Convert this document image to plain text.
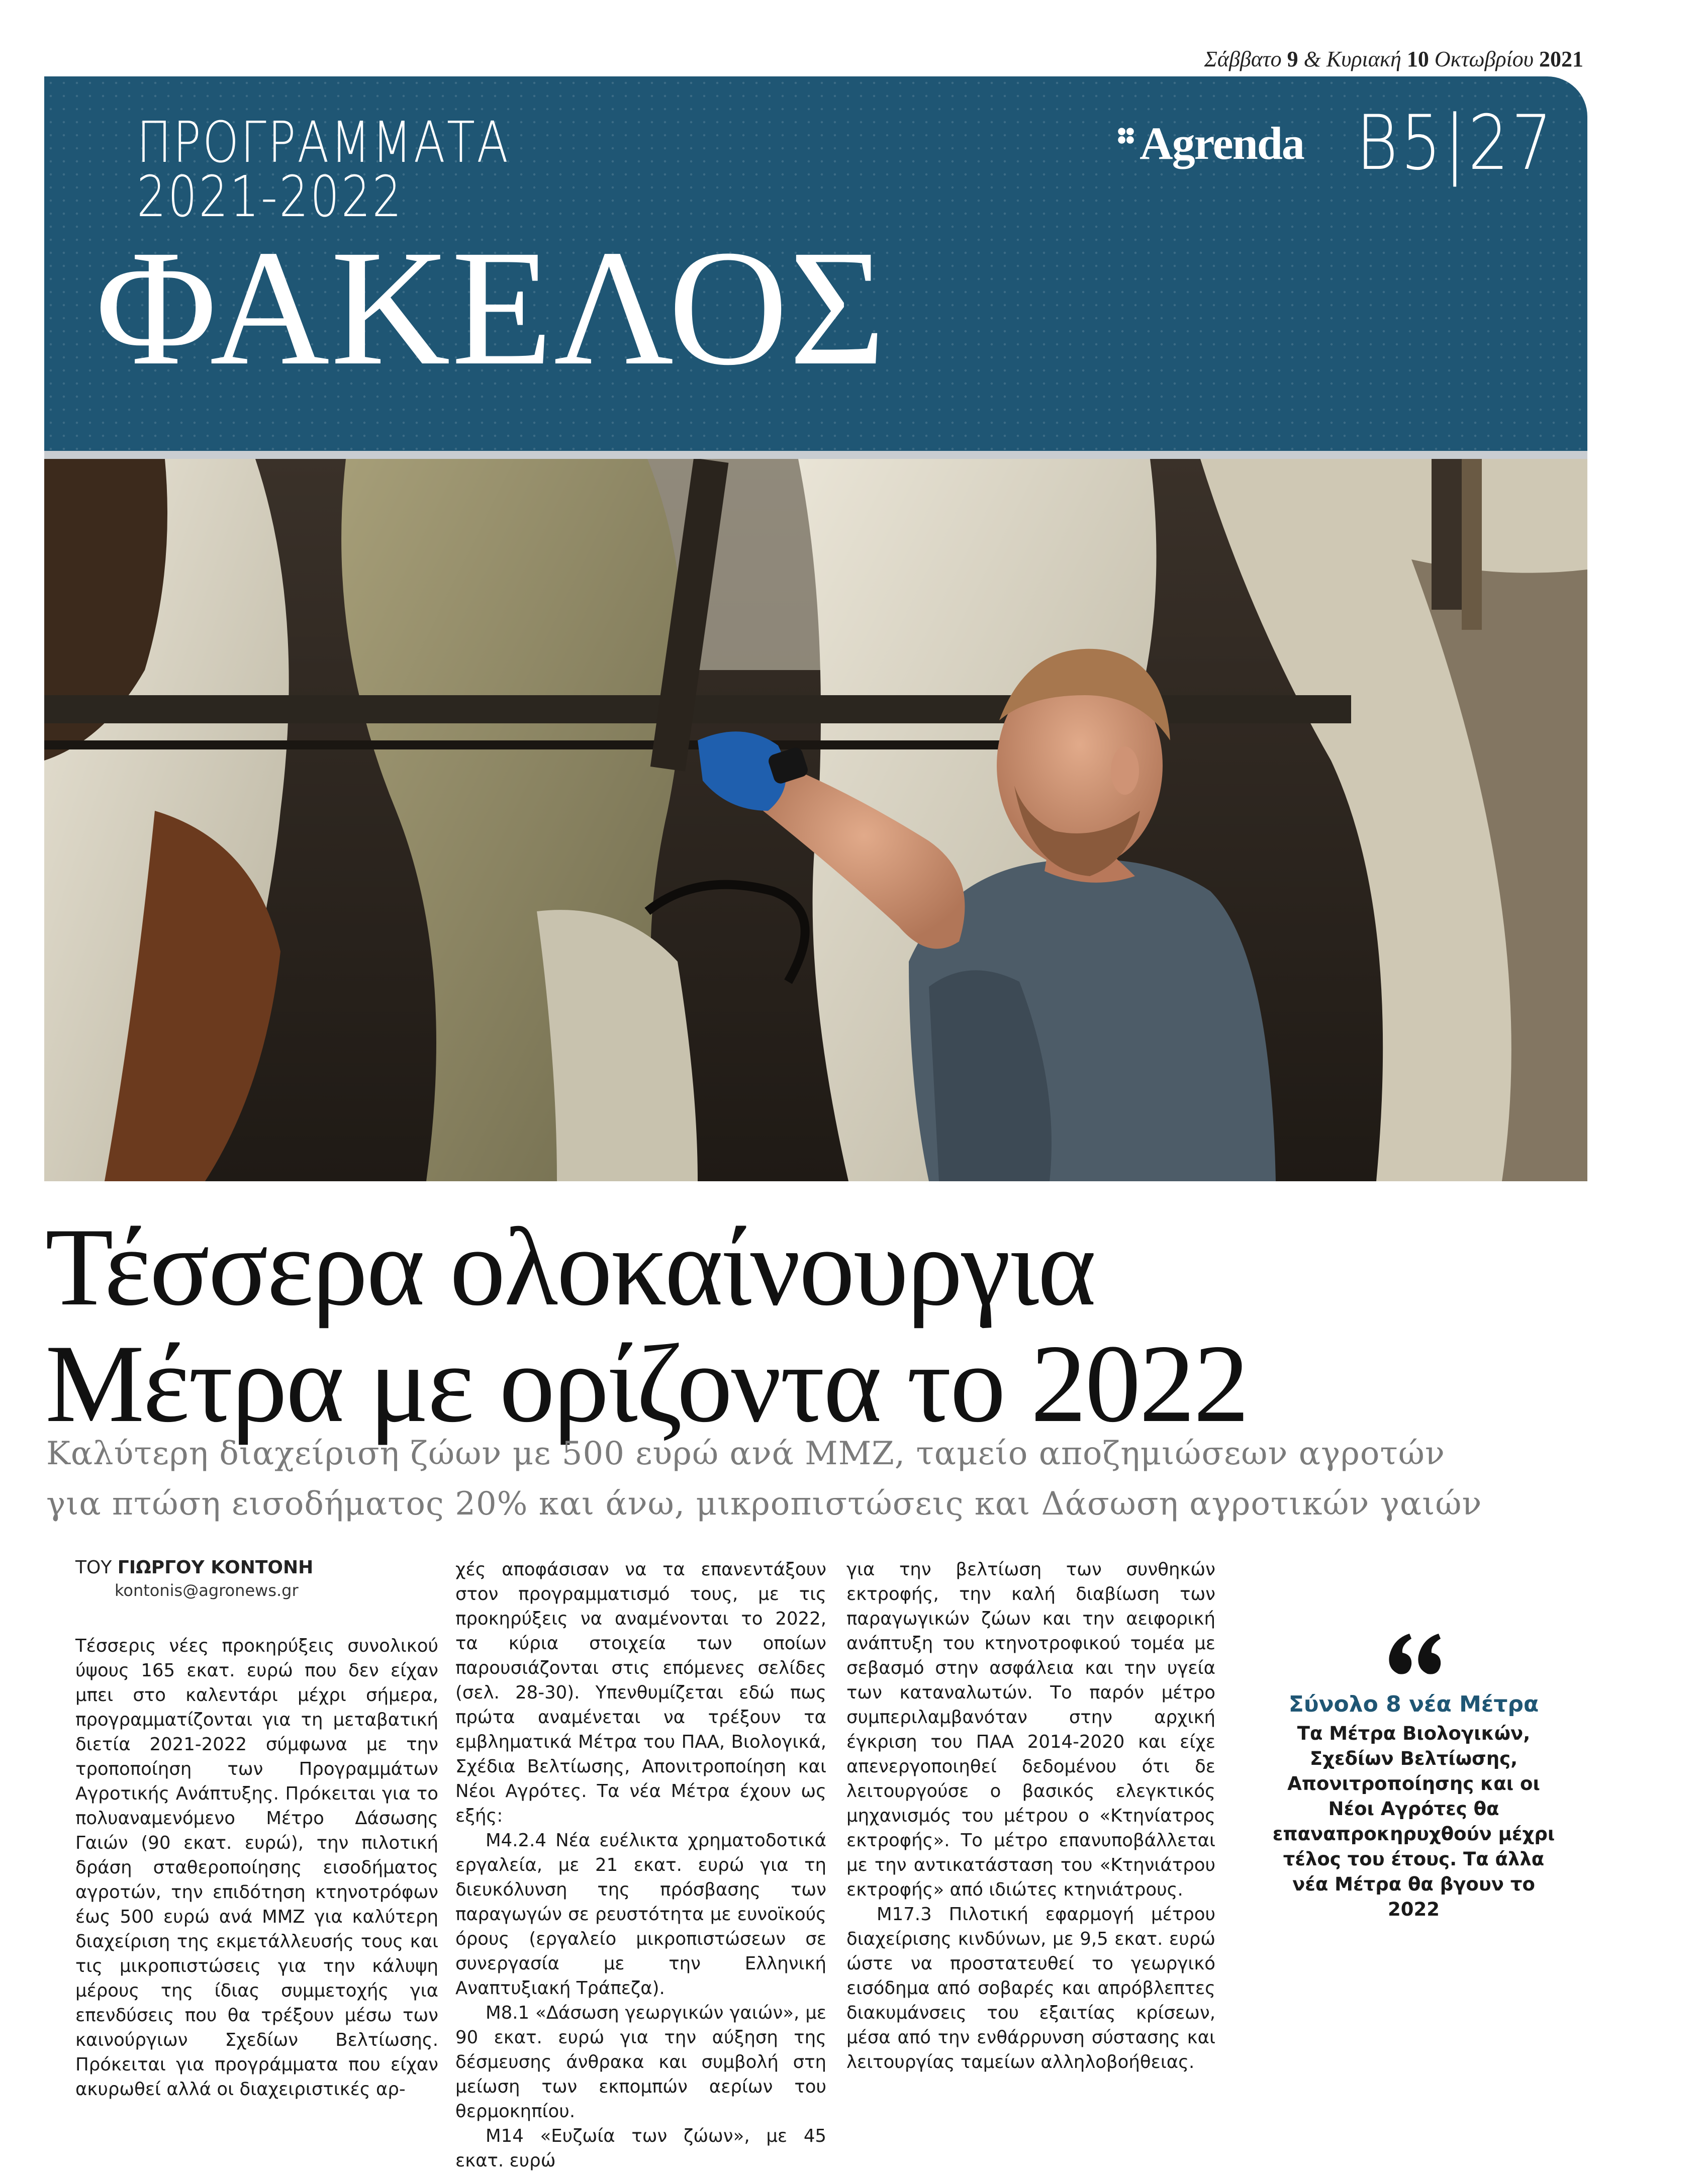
Σάββατο 9 & Κυριακή 10 Οκτωβρίου 2021
ΠΡΟΓΡΑΜΜΑΤΑ
2021-2022
ΦΑΚΕΛΟΣ
Agrenda B5|27
Τέσσερα ολοκαίνουργια
Μέτρα με ορίζοντα το 2022
Καλύτερη διαχείριση ζώων με 500 ευρώ ανά ΜΜΖ, ταμείο αποζημιώσεων αγροτών
για πτώση εισοδήματος 20% και άνω, μικροπιστώσεις και Δάσωση αγροτικών γαιών
ΤΟΥ ΓΙΩΡΓΟΥ ΚΟΝΤΟΝΗ
kontonis@agronews.gr

Τέσσερις νέες προκηρύξεις συνολικού ύψους 165 εκατ. ευρώ που δεν είχαν μπει στο καλεντάρι μέχρι σήμερα, προγραμματίζονται για τη μεταβατική διετία 2021-2022 σύμφωνα με την τροποποίηση των Προγραμμάτων Αγροτικής Ανάπτυξης. Πρόκειται για το πολυαναμενόμενο Μέτρο Δάσωσης Γαιών (90 εκατ. ευρώ), την πιλοτική δράση σταθεροποίησης εισοδήματος αγροτών, την επιδότηση κτηνοτρόφων έως 500 ευρώ ανά ΜΜΖ για καλύτερη διαχείριση της εκμετάλλευσής τους και τις μικροπιστώσεις για την κάλυψη μέρους της ίδιας συμμετοχής για επενδύσεις που θα τρέξουν μέσω των καινούργιων Σχεδίων Βελτίωσης. Πρόκειται για προγράμματα που είχαν ακυρωθεί αλλά οι διαχειριστικές αρ-

χές αποφάσισαν να τα επανεντάξουν στον προγραμματισμό τους, με τις προκηρύξεις να αναμένονται το 2022, τα κύρια στοιχεία των οποίων παρουσιάζονται στις επόμενες σελίδες (σελ. 28-30). Υπενθυμίζεται εδώ πως πρώτα αναμένεται να τρέξουν τα εμβληματικά Μέτρα του ΠΑΑ, Βιολογικά, Σχέδια Βελτίωσης, Απονιτροποίηση και Νέοι Αγρότες. Τα νέα Μέτρα έχουν ως εξής:

Μ4.2.4 Νέα ευέλικτα χρηματοδοτικά εργαλεία, με 21 εκατ. ευρώ για τη διευκόλυνση της πρόσβασης των παραγωγών σε ρευστότητα με ευνοϊκούς όρους (εργαλείο μικροπιστώσεων σε συνεργασία με την Ελληνική Αναπτυξιακή Τράπεζα).

Μ8.1 «Δάσωση γεωργικών γαιών», με 90 εκατ. ευρώ για την αύξηση της δέσμευσης άνθρακα και συμβολή στη μείωση των εκπομπών αερίων του θερμοκηπίου.

Μ14 «Ευζωία των ζώων», με 45 εκατ. ευρώ

για την βελτίωση των συνθηκών εκτροφής, την καλή διαβίωση των παραγωγικών ζώων και την αειφορική ανάπτυξη του κτηνοτροφικού τομέα με σεβασμό στην ασφάλεια και την υγεία των καταναλωτών. Το παρόν μέτρο συμπεριλαμβανόταν στην αρχική έγκριση του ΠΑΑ 2014-2020 και είχε απενεργοποιηθεί δεδομένου ότι δε λειτουργούσε ο βασικός ελεγκτικός μηχανισμός του μέτρου ο «Κτηνίατρος εκτροφής». Το μέτρο επανυποβάλλεται με την αντικατάσταση του «Κτηνιάτρου εκτροφής» από ιδιώτες κτηνιάτρους.

Μ17.3 Πιλοτική εφαρμογή μέτρου διαχείρισης κινδύνων, με 9,5 εκατ. ευρώ ώστε να προστατευθεί το γεωργικό εισόδημα από σοβαρές και απρόβλεπτες διακυμάνσεις του εξαιτίας κρίσεων, μέσα από την ενθάρρυνση σύστασης και λειτουργίας ταμείων αλληλοβοήθειας.

Σύνολο 8 νέα Μέτρα
Τα Μέτρα Βιολογικών, Σχεδίων Βελτίωσης, Απονιτροποίησης και οι Νέοι Αγρότες θα επαναπροκηρυχθούν μέχρι τέλος του έτους. Τα άλλα νέα Μέτρα θα βγουν το 2022
